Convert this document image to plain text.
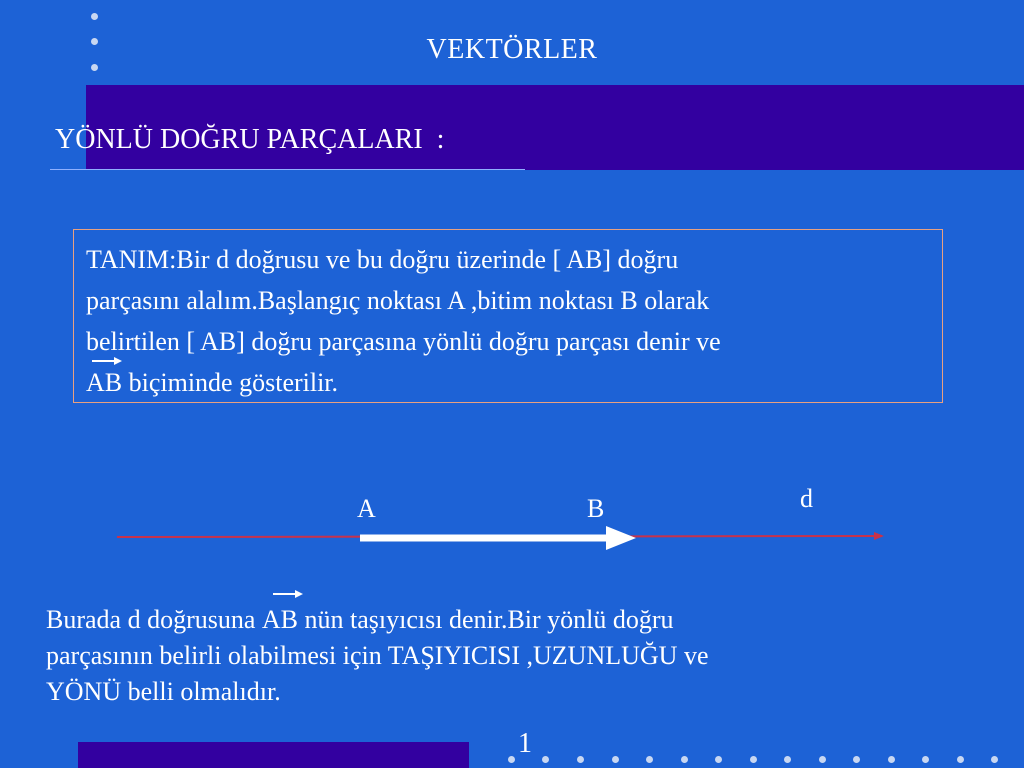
VEKTÖRLER
YÖNLÜ DOĞRU PARÇALARI  :
TANIM:Bir d doğrusu ve bu doğru üzerinde [ AB] doğru
parçasını alalım.Başlangıç noktası A ,bitim noktası B olarak
belirtilen [ AB] doğru parçasına yönlü doğru parçası denir ve
AB biçiminde gösterilir.
A	B	d
Burada d doğrusuna
AB nün taşıyıcısı denir.Bir yönlü doğru
parçasının belirli olabilmesi için TAŞIYICISI ,UZUNLUĞU ve
YÖNÜ belli olmalıdır.
1
